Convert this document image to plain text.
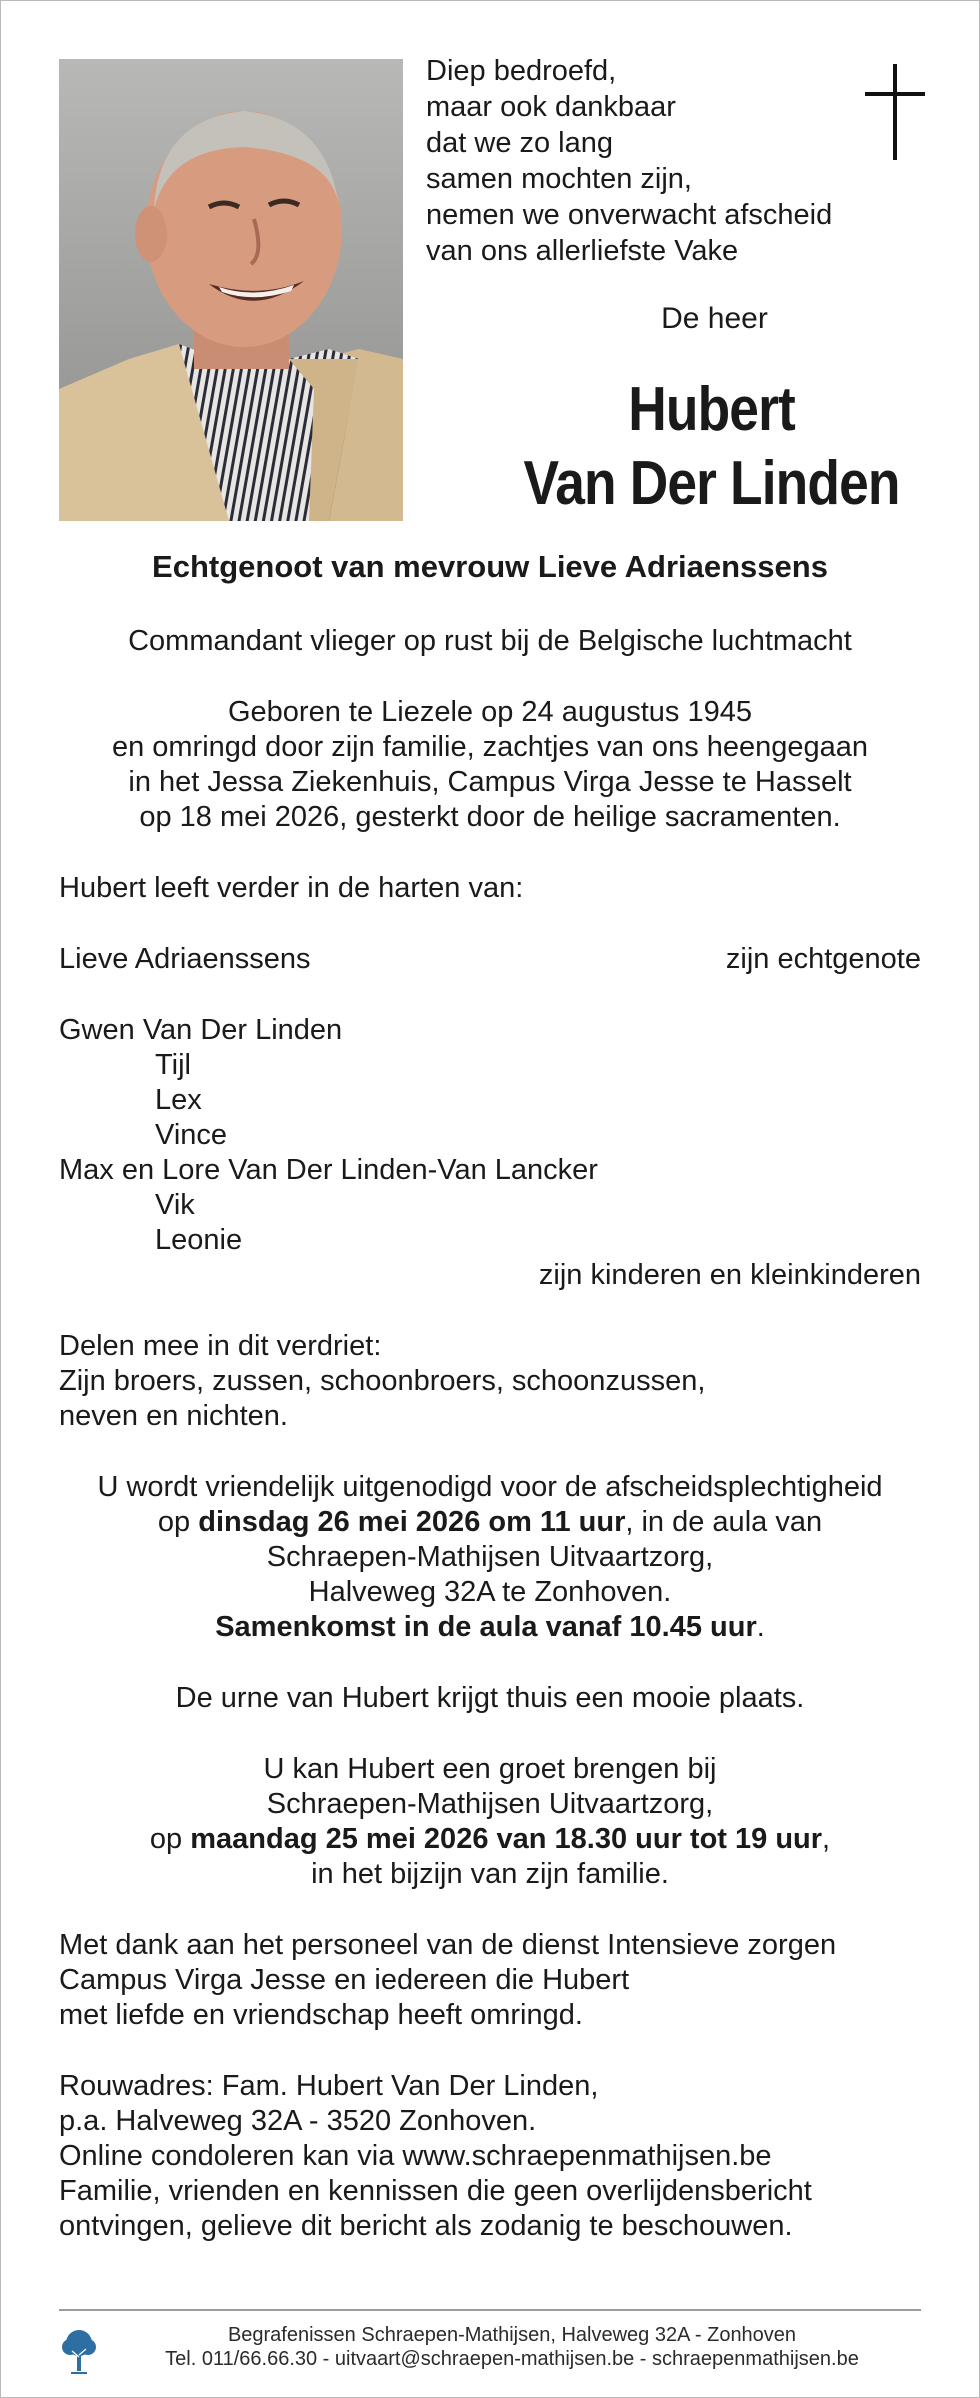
Diep bedroefd,
maar ook dankbaar
dat we zo lang
samen mochten zijn,
nemen we onverwacht afscheid
van ons allerliefste Vake
De heer
Hubert
Van Der Linden
Echtgenoot van mevrouw Lieve Adriaenssens
Commandant vlieger op rust bij de Belgische luchtmacht
Geboren te Liezele op 24 augustus 1945
en omringd door zijn familie, zachtjes van ons heengegaan
in het Jessa Ziekenhuis, Campus Virga Jesse te Hasselt
op 18 mei 2026, gesterkt door de heilige sacramenten.
Hubert leeft verder in de harten van:
Lieve Adriaenssens	zijn echtgenote
Gwen Van Der Linden
Tijl
Lex
Vince
Max en Lore Van Der Linden-Van Lancker
Vik
Leonie
zijn kinderen en kleinkinderen
Delen mee in dit verdriet:
Zijn broers, zussen, schoonbroers, schoonzussen,
neven en nichten.
U wordt vriendelijk uitgenodigd voor de afscheidsplechtigheid
op dinsdag 26 mei 2026 om 11 uur, in de aula van
Schraepen-Mathijsen Uitvaartzorg,
Halveweg 32A te Zonhoven.
Samenkomst in de aula vanaf 10.45 uur.
De urne van Hubert krijgt thuis een mooie plaats.
U kan Hubert een groet brengen bij
Schraepen-Mathijsen Uitvaartzorg,
op maandag 25 mei 2026 van 18.30 uur tot 19 uur,
in het bijzijn van zijn familie.
Met dank aan het personeel van de dienst Intensieve zorgen
Campus Virga Jesse en iedereen die Hubert
met liefde en vriendschap heeft omringd.
Rouwadres: Fam. Hubert Van Der Linden,
p.a. Halveweg 32A - 3520 Zonhoven.
Online condoleren kan via www.schraepenmathijsen.be
Familie, vrienden en kennissen die geen overlijdensbericht
ontvingen, gelieve dit bericht als zodanig te beschouwen.
Begrafenissen Schraepen-Mathijsen, Halveweg 32A - Zonhoven
Tel. 011/66.66.30 - uitvaart@schraepen-mathijsen.be - schraepenmathijsen.be
